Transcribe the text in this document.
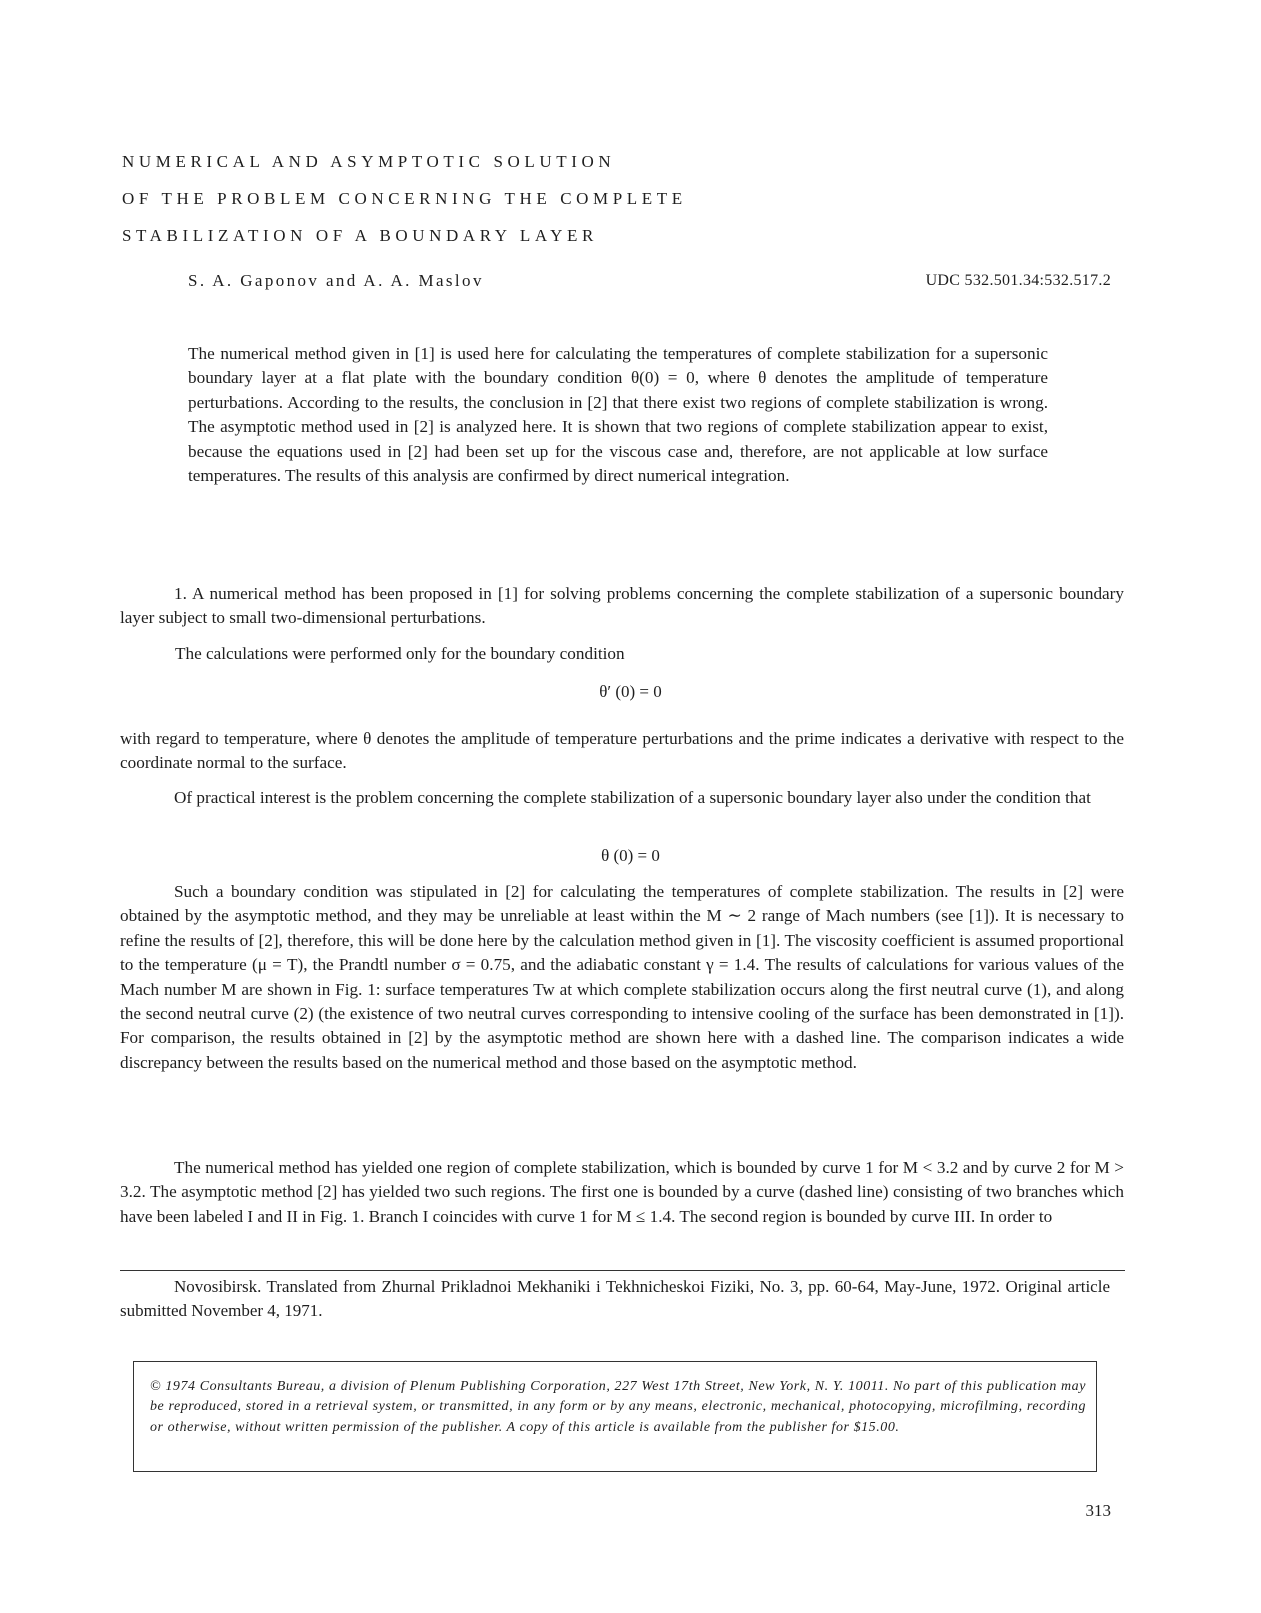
NUMERICAL AND ASYMPTOTIC SOLUTION
OF THE PROBLEM CONCERNING THE COMPLETE
STABILIZATION OF A BOUNDARY LAYER
S. A. Gaponov and A. A. Maslov	UDC 532.501.34:532.517.2
The numerical method given in [1] is used here for calculating the temperatures of complete stabilization for a supersonic boundary layer at a flat plate with the boundary condition θ(0) = 0, where θ denotes the amplitude of temperature perturbations. According to the results, the conclusion in [2] that there exist two regions of complete stabilization is wrong. The asymptotic method used in [2] is analyzed here. It is shown that two regions of complete stabilization appear to exist, because the equations used in [2] had been set up for the viscous case and, therefore, are not applicable at low surface temperatures. The results of this analysis are confirmed by direct numerical integration.
1. A numerical method has been proposed in [1] for solving problems concerning the complete stabilization of a supersonic boundary layer subject to small two-dimensional perturbations.
The calculations were performed only for the boundary condition
θ′ (0) = 0
with regard to temperature, where θ denotes the amplitude of temperature perturbations and the prime indicates a derivative with respect to the coordinate normal to the surface.
Of practical interest is the problem concerning the complete stabilization of a supersonic boundary layer also under the condition that
θ (0) = 0
Such a boundary condition was stipulated in [2] for calculating the temperatures of complete stabilization. The results in [2] were obtained by the asymptotic method, and they may be unreliable at least within the M ∼ 2 range of Mach numbers (see [1]). It is necessary to refine the results of [2], therefore, this will be done here by the calculation method given in [1]. The viscosity coefficient is assumed proportional to the temperature (μ = T), the Prandtl number σ = 0.75, and the adiabatic constant γ = 1.4. The results of calculations for various values of the Mach number M are shown in Fig. 1: surface temperatures Tw at which complete stabilization occurs along the first neutral curve (1), and along the second neutral curve (2) (the existence of two neutral curves corresponding to intensive cooling of the surface has been demonstrated in [1]). For comparison, the results obtained in [2] by the asymptotic method are shown here with a dashed line. The comparison indicates a wide discrepancy between the results based on the numerical method and those based on the asymptotic method.
The numerical method has yielded one region of complete stabilization, which is bounded by curve 1 for M < 3.2 and by curve 2 for M > 3.2. The asymptotic method [2] has yielded two such regions. The first one is bounded by a curve (dashed line) consisting of two branches which have been labeled I and II in Fig. 1. Branch I coincides with curve 1 for M ≤ 1.4. The second region is bounded by curve III. In order to
Novosibirsk. Translated from Zhurnal Prikladnoi Mekhaniki i Tekhnicheskoi Fiziki, No. 3, pp. 60-64, May-June, 1972. Original article submitted November 4, 1971.
© 1974 Consultants Bureau, a division of Plenum Publishing Corporation, 227 West 17th Street, New York, N. Y. 10011. No part of this publication may be reproduced, stored in a retrieval system, or transmitted, in any form or by any means, electronic, mechanical, photocopying, microfilming, recording or otherwise, without written permission of the publisher. A copy of this article is available from the publisher for $15.00.
313
